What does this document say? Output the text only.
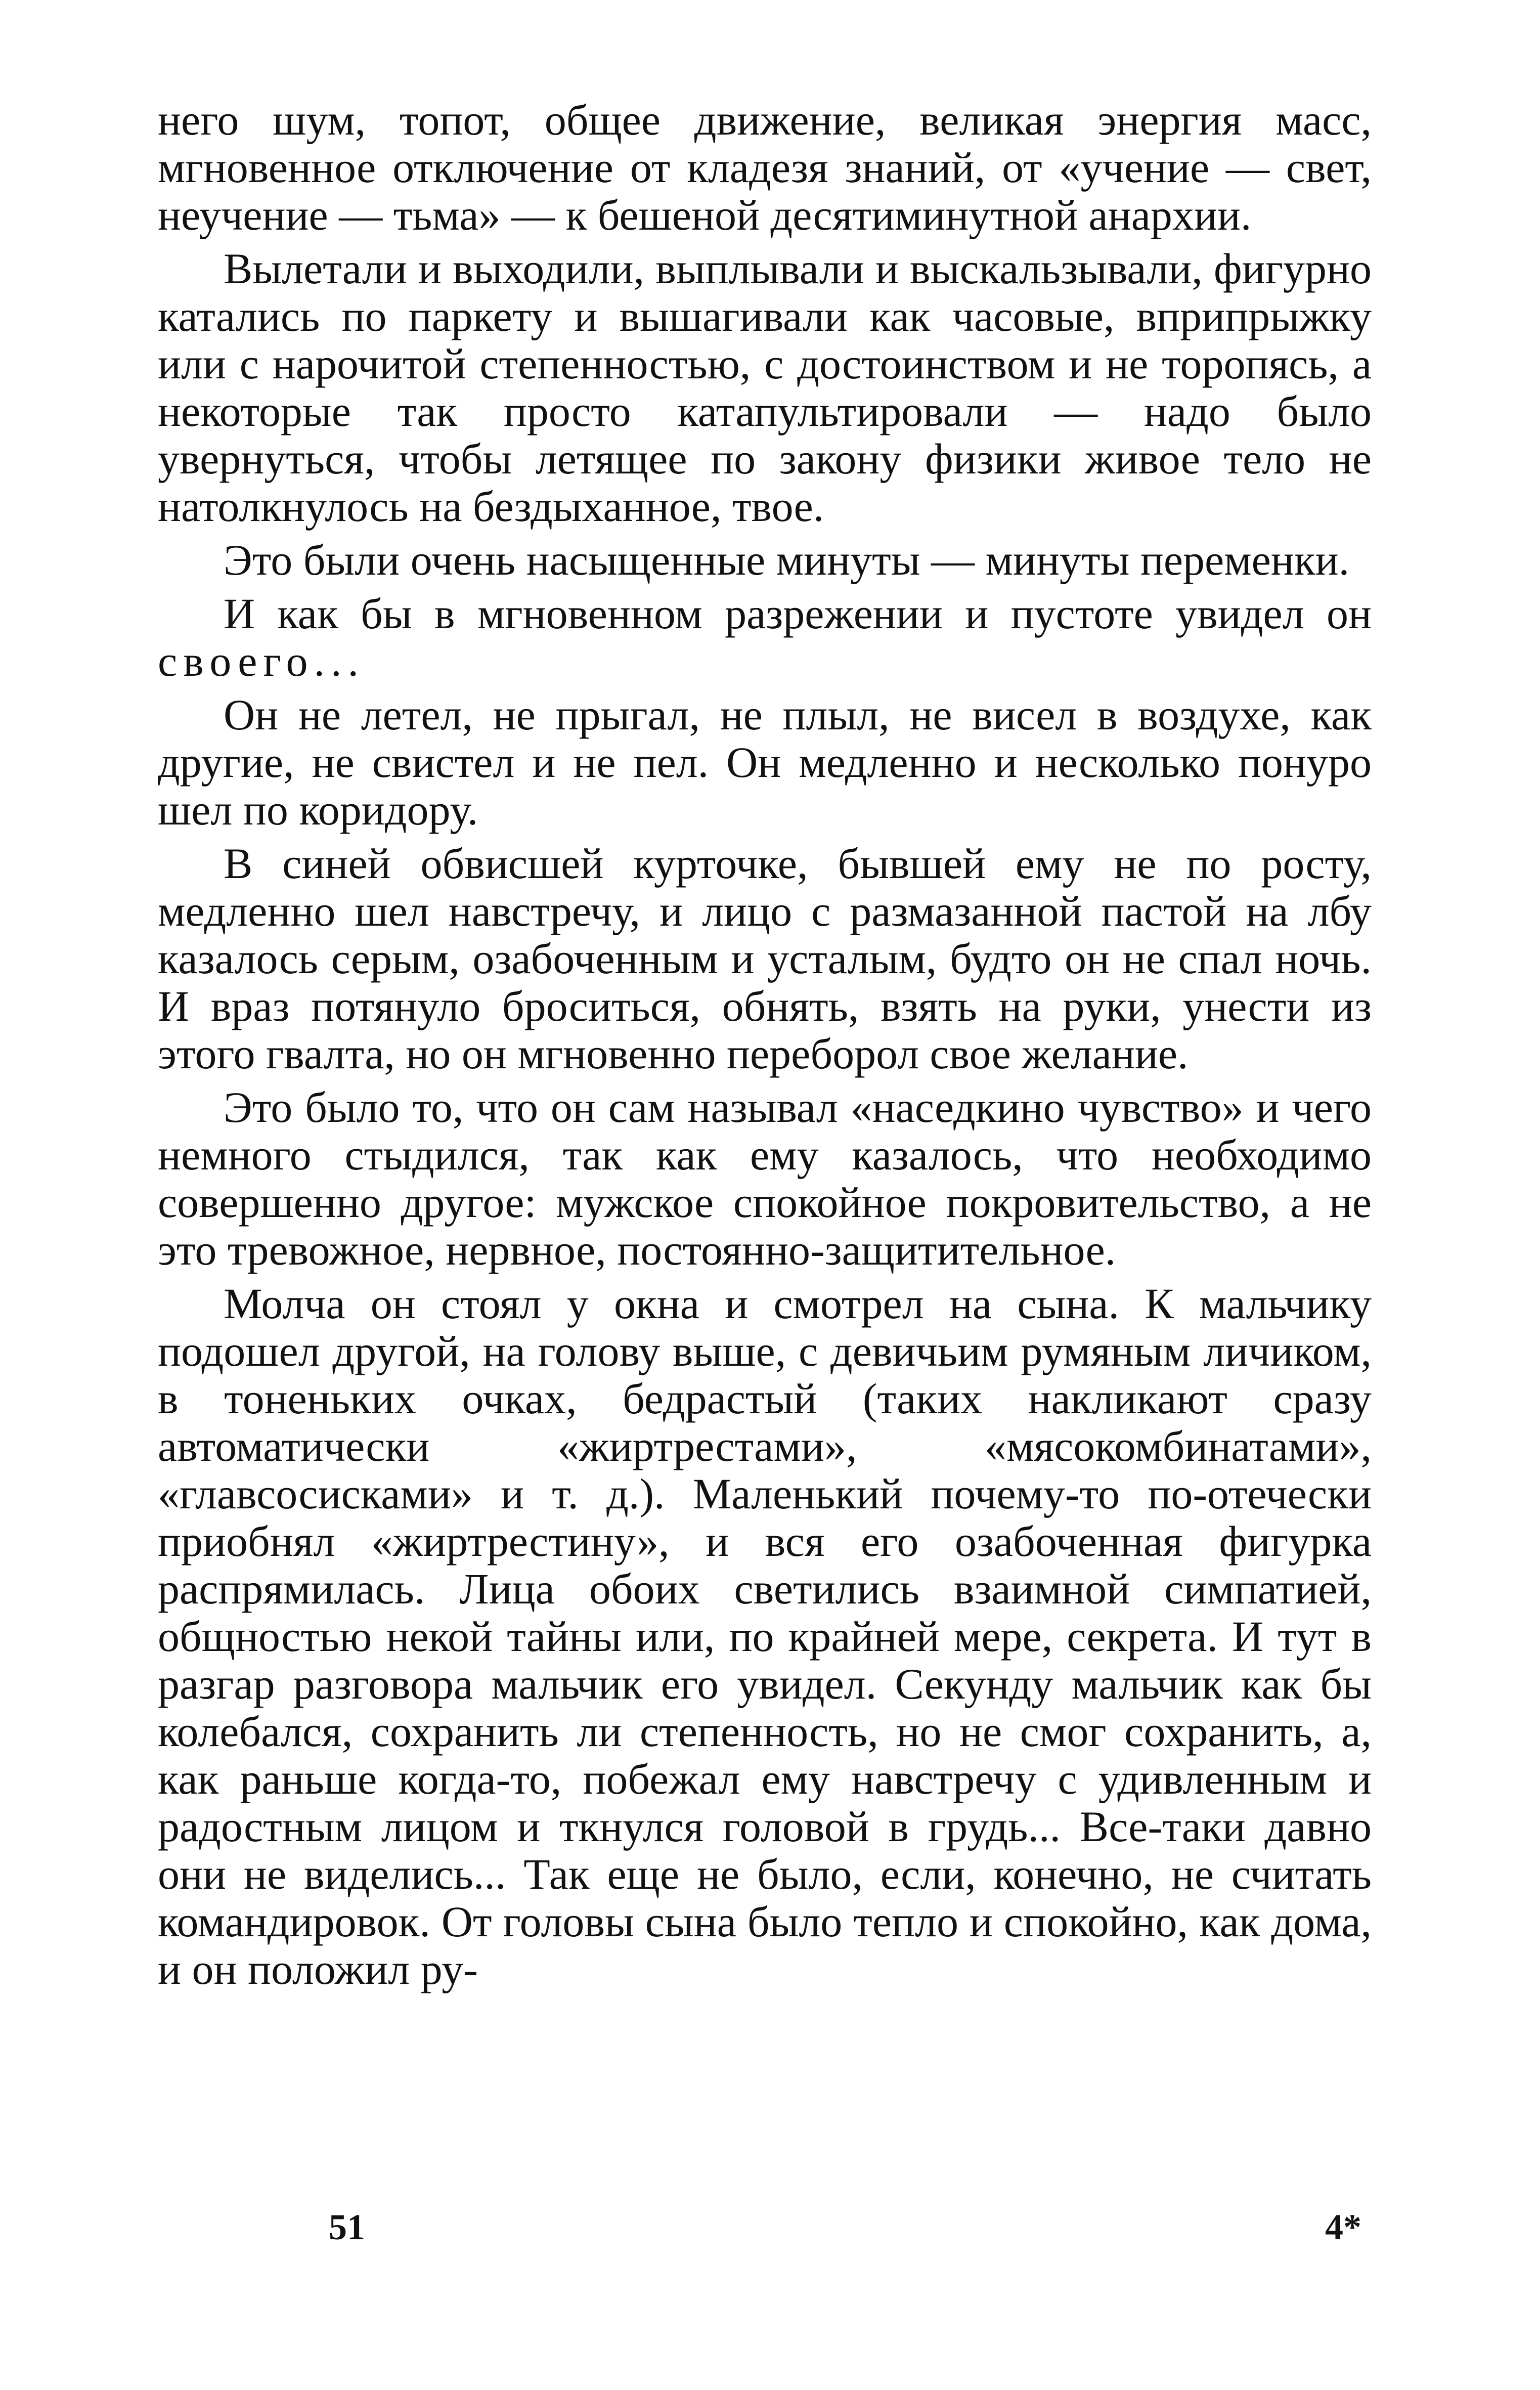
него шум, топот, общее движение, великая энергия масс, мгновенное отключение от кладезя знаний, от «учение — свет, неучение — тьма» — к бешеной десятиминутной анархии.

Вылетали и выходили, выплывали и выскальзывали, фигурно катались по паркету и вышагивали как часовые, вприпрыжку или с нарочитой степенностью, с достоинством и не торопясь, а некоторые так просто катапультировали — надо было увернуться, чтобы летящее по закону физики живое тело не натолкнулось на бездыханное, твое.

Это были очень насыщенные минуты — минуты переменки.

И как бы в мгновенном разрежении и пустоте увидел он своего...

Он не летел, не прыгал, не плыл, не висел в воздухе, как другие, не свистел и не пел. Он медленно и несколько понуро шел по коридору.

В синей обвисшей курточке, бывшей ему не по росту, медленно шел навстречу, и лицо с размазанной пастой на лбу казалось серым, озабоченным и усталым, будто он не спал ночь. И враз потянуло броситься, обнять, взять на руки, унести из этого гвалта, но он мгновенно переборол свое желание.

Это было то, что он сам называл «наседкино чувство» и чего немного стыдился, так как ему казалось, что необходимо совершенно другое: мужское спокойное покровительство, а не это тревожное, нервное, постоянно-защитительное.

Молча он стоял у окна и смотрел на сына. К мальчику подошел другой, на голову выше, с девичьим румяным личиком, в тоненьких очках, бедрастый (таких накликают сразу автоматически «жиртрестами», «мясокомбинатами», «главсосисками» и т. д.). Маленький почему-то по-отечески приобнял «жиртрестину», и вся его озабоченная фигурка распрямилась. Лица обоих светились взаимной симпатией, общностью некой тайны или, по крайней мере, секрета. И тут в разгар разговора мальчик его увидел. Секунду мальчик как бы колебался, сохранить ли степенность, но не смог сохранить, а, как раньше когда-то, побежал ему навстречу с удивленным и радостным лицом и ткнулся головой в грудь... Все-таки давно они не виделись... Так еще не было, если, конечно, не считать командировок. От головы сына было тепло и спокойно, как дома, и он положил ру-

51	4*
